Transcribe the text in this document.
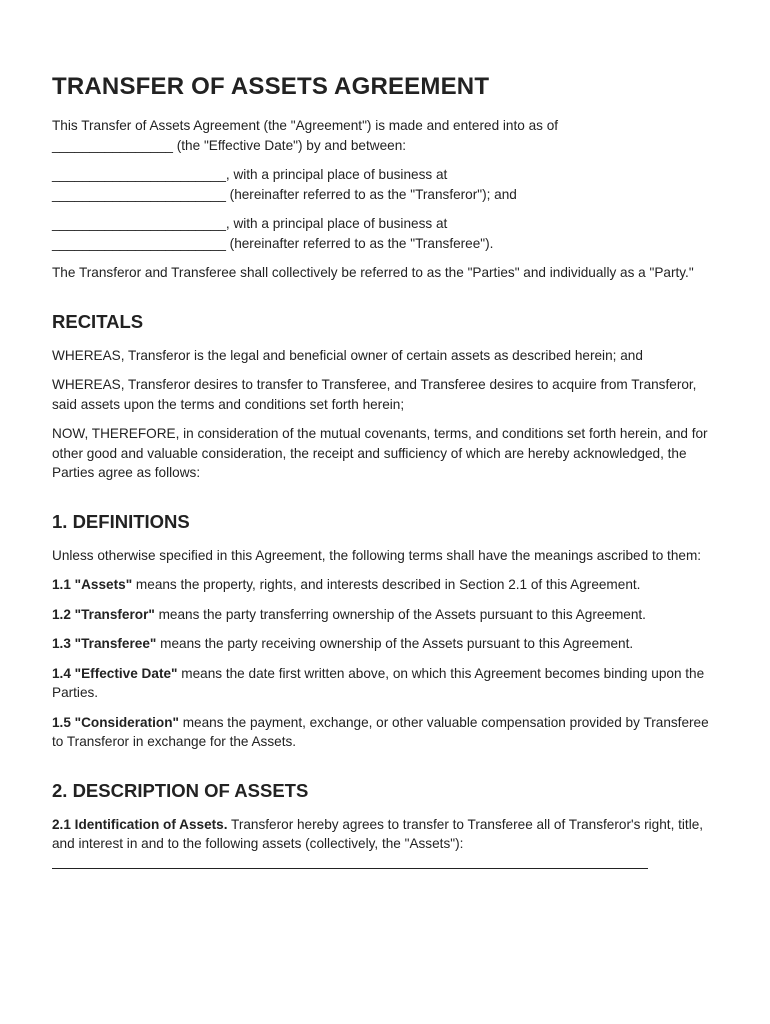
TRANSFER OF ASSETS AGREEMENT

This Transfer of Assets Agreement (the "Agreement") is made and entered into as of
________________ (the "Effective Date") by and between:

_______________________, with a principal place of business at
_______________________ (hereinafter referred to as the "Transferor"); and

_______________________, with a principal place of business at
_______________________ (hereinafter referred to as the "Transferee").

The Transferor and Transferee shall collectively be referred to as the "Parties" and individually as a "Party."

RECITALS

WHEREAS, Transferor is the legal and beneficial owner of certain assets as described herein; and

WHEREAS, Transferor desires to transfer to Transferee, and Transferee desires to acquire from Transferor, said assets upon the terms and conditions set forth herein;

NOW, THEREFORE, in consideration of the mutual covenants, terms, and conditions set forth herein, and for other good and valuable consideration, the receipt and sufficiency of which are hereby acknowledged, the Parties agree as follows:

1. DEFINITIONS

Unless otherwise specified in this Agreement, the following terms shall have the meanings ascribed to them:

1.1 "Assets" means the property, rights, and interests described in Section 2.1 of this Agreement.

1.2 "Transferor" means the party transferring ownership of the Assets pursuant to this Agreement.

1.3 "Transferee" means the party receiving ownership of the Assets pursuant to this Agreement.

1.4 "Effective Date" means the date first written above, on which this Agreement becomes binding upon the Parties.

1.5 "Consideration" means the payment, exchange, or other valuable compensation provided by Transferee to Transferor in exchange for the Assets.

2. DESCRIPTION OF ASSETS

2.1 Identification of Assets. Transferor hereby agrees to transfer to Transferee all of Transferor's right, title, and interest in and to the following assets (collectively, the "Assets"):
